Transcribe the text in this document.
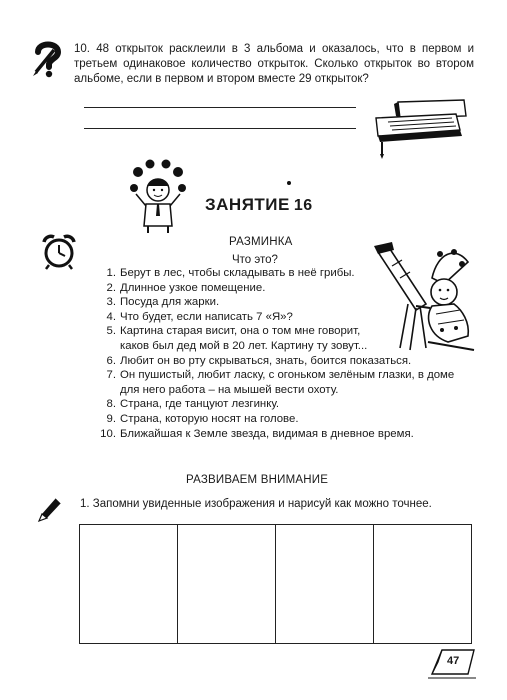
10. 48 открыток расклеили в 3 альбома и оказалось, что в первом и третьем одинаковое количество открыток. Сколько открыток во втором альбоме, если в первом и втором вместе 29 открыток?
ЗАНЯТИЕ 16
РАЗМИНКА
Что это?
1. Берут в лес, чтобы складывать в неё грибы.
2. Длинное узкое помещение.
3. Посуда для жарки.
4. Что будет, если написать 7 «Я»?
5. Картина старая висит, она о том мне говорит, каков был дед мой в 20 лет. Картину ту зовут...
6. Любит он во рту скрываться, знать, боится показаться.
7. Он пушистый, любит ласку, с огоньком зелёным глазки, в доме для него работа – на мышей вести охоту.
8. Страна, где танцуют лезгинку.
9. Страна, которую носят на голове.
10. Ближайшая к Земле звезда, видимая в дневное время.
РАЗВИВАЕМ ВНИМАНИЕ
1. Запомни увиденные изображения и нарисуй как можно точнее.
47
